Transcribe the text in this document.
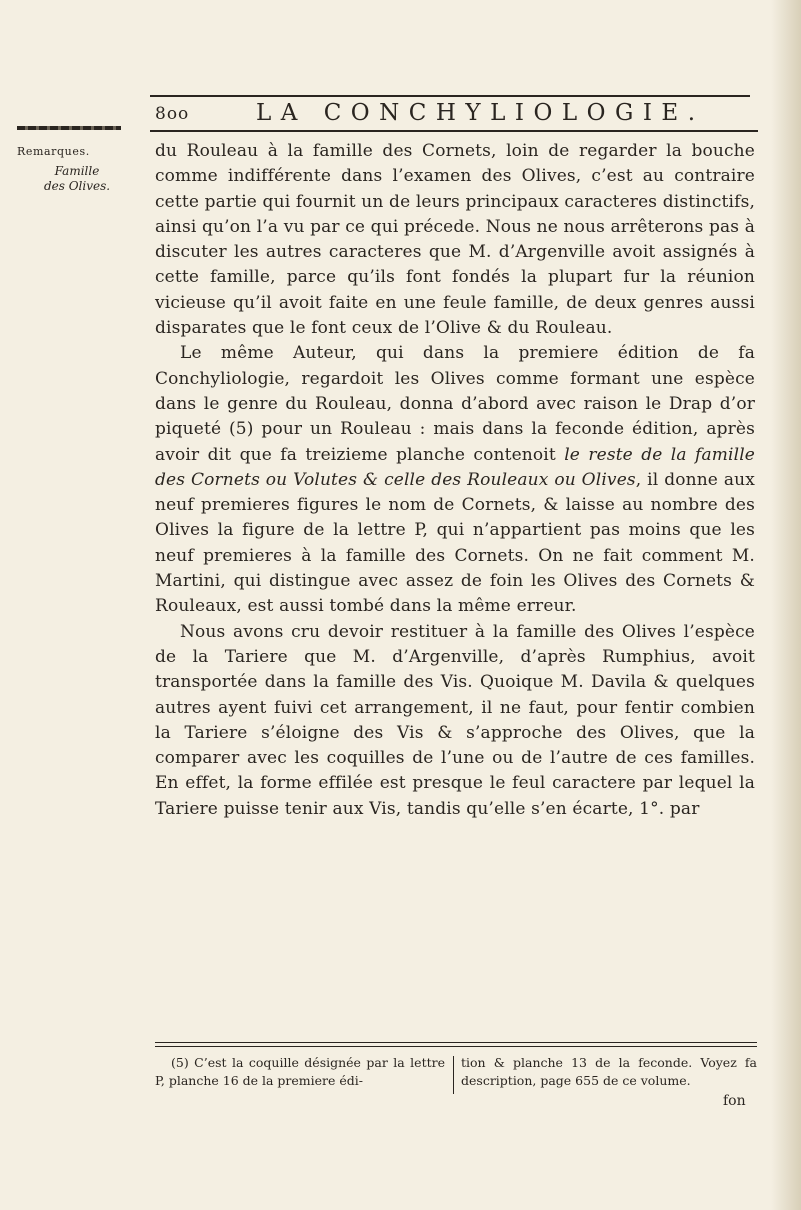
8oo	LA CONCHYLIOLOGIE.

Remarques.

Famille
des Olives.

du Rouleau à la famille des Cornets, loin de regarder la bouche comme indifférente dans l’examen des Olives, c’est au contraire cette partie qui fournit un de leurs principaux caracteres distinctifs, ainsi qu’on l’a vu par ce qui précede. Nous ne nous arrêterons pas à discuter les autres caracteres que M. d’Argenville avoit assignés à cette famille, parce qu’ils font fondés la plupart fur la réunion vicieuse qu’il avoit faite en une feule famille, de deux genres aussi disparates que le font ceux de l’Olive & du Rouleau.

Le même Auteur, qui dans la premiere édition de fa Conchyliologie, regardoit les Olives comme formant une espèce dans le genre du Rouleau, donna d’abord avec raison le Drap d’or piqueté (5) pour un Rouleau : mais dans la feconde édition, après avoir dit que fa treizieme planche contenoit le reste de la famille des Cornets ou Volutes & celle des Rouleaux ou Olives, il donne aux neuf premieres figures le nom de Cornets, & laisse au nombre des Olives la figure de la lettre P, qui n’appartient pas moins que les neuf premieres à la famille des Cornets. On ne fait comment M. Martini, qui distingue avec assez de foin les Olives des Cornets & Rouleaux, est aussi tombé dans la même erreur.

Nous avons cru devoir restituer à la famille des Olives l’espèce de la Tariere que M. d’Argenville, d’après Rumphius, avoit transportée dans la famille des Vis. Quoique M. Davila & quelques autres ayent fuivi cet arrangement, il ne faut, pour fentir combien la Tariere s’éloigne des Vis & s’approche des Olives, que la comparer avec les coquilles de l’une ou de l’autre de ces familles. En effet, la forme effilée est presque le feul caractere par lequel la Tariere puisse tenir aux Vis, tandis qu’elle s’en écarte, 1°. par

(5) C’est la coquille désignée par la lettre P, planche 16 de la premiere édi-
tion & planche 13 de la feconde. Voyez fa description, page 655 de ce volume.
fon
